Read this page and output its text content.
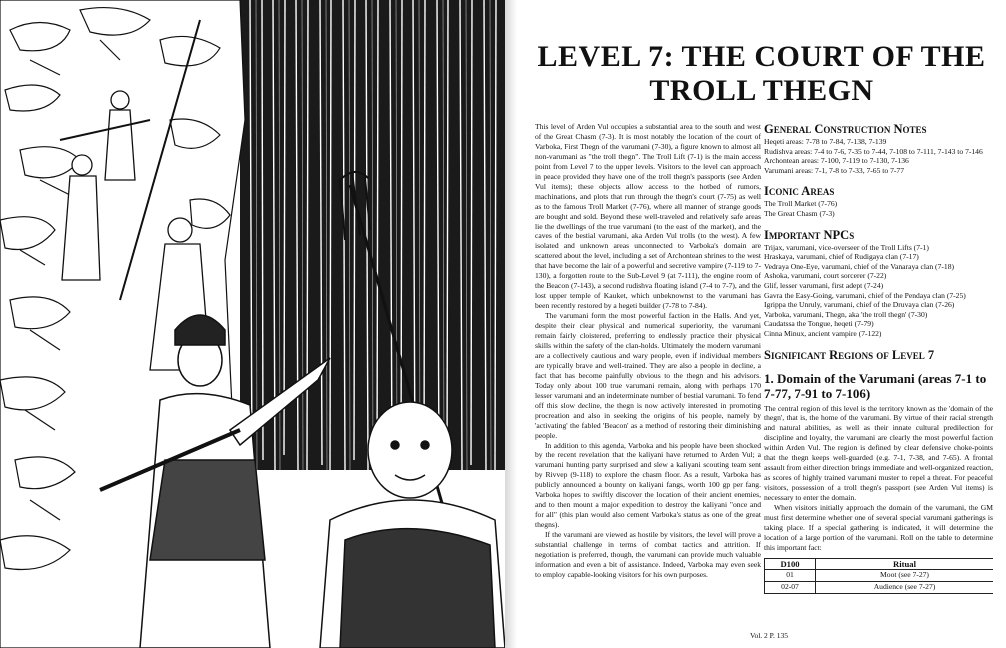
LEVEL 7: THE COURT OF THE
TROLL THEGN

This level of Arden Vul occupies a substantial area to the south and west of the Great Chasm (7-3). It is most notably the location of the court of Varboka, First Thegn of the varumani (7-30), a figure known to almost all non-varumani as "the troll thegn". The Troll Lift (7-1) is the main access point from Level 7 to the upper levels. Visitors to the level can approach in peace provided they have one of the troll thegn's passports (see Arden Vul items); these objects allow access to the hotbed of rumors, machinations, and plots that run through the thegn's court (7-75) as well as to the famous Troll Market (7-76), where all manner of strange goods are bought and sold. Beyond these well-traveled and relatively safe areas lie the dwellings of the true varumani (to the east of the market), and the caves of the bestial varumani, aka Arden Vul trolls (to the west). A few isolated and unknown areas unconnected to Varboka's domain are scattered about the level, including a set of Archontean shrines to the west that have become the lair of a powerful and secretive vampire (7-119 to 7-130), a forgotten route to the Sub-Level 9 (at 7-111), the engine room of the Beacon (7-143), a second rudishva floating island (7-4 to 7-7), and the lost upper temple of Kauket, which unbeknownst to the varumani has been recently restored by a hegeti builder (7-78 to 7-84).

The varumani form the most powerful faction in the Halls. And yet, despite their clear physical and numerical superiority, the varumani remain fairly cloistered, preferring to endlessly practice their physical skills within the safety of the clan-holds. Ultimately the modern varumani are a collectively cautious and wary people, even if individual members are typically brave and well-trained. They are also a people in decline, a fact that has become painfully obvious to the thegn and his advisors. Today only about 100 true varumani remain, along with perhaps 170 lesser varumani and an indeterminate number of bestial varumani. To fend off this slow decline, the thegn is now actively interested in promoting procreation and also in seeking the origins of his people, namely by 'activating' the fabled 'Beacon' as a method of restoring their diminishing people.

In addition to this agenda, Varboka and his people have been shocked by the recent revelation that the kaliyani have returned to Arden Vul; a varumani hunting party surprised and slew a kaliyani scouting team sent by Rivvep (9-118) to explore the chasm floor. As a result, Varboka has publicly announced a bounty on kaliyani fangs, worth 100 gp per fang. Varboka hopes to swiftly discover the location of their ancient enemies, and to then mount a major expedition to destroy the kaliyani "once and for all" (this plan would also cement Varboka's status as one of the great thegns).

If the varumani are viewed as hostile by visitors, the level will prove a substantial challenge in terms of combat tactics and attrition. If negotiation is preferred, though, the varumani can provide much valuable information and even a bit of assistance. Indeed, Varboka may even seek to employ capable-looking visitors for his own purposes.

General Construction Notes

Heqeti areas: 7-78 to 7-84, 7-138, 7-139

Rudishva areas: 7-4 to 7-6, 7-35 to 7-44, 7-108 to 7-111, 7-143 to 7-146

Archontean areas: 7-100, 7-119 to 7-130, 7-136

Varumani areas: 7-1, 7-8 to 7-33, 7-65 to 7-77

Iconic Areas

The Troll Market (7-76)

The Great Chasm (7-3)

Important NPCs

Trijax, varumani, vice-overseer of the Troll Lifts (7-1)

Hraskaya, varumani, chief of Rudigaya clan (7-17)

Vedraya One-Eye, varumani, chief of the Vanaraya clan (7-18)

Ashoka, varumani, court sorcerer (7-22)

Glif, lesser varumani, first adept (7-24)

Gavra the Easy-Going, varumani, chief of the Pendaya clan (7-25)

Igrippa the Unruly, varumani, chief of the Druvaya clan (7-26)

Varboka, varumani, Thegn, aka 'the troll thegn' (7-30)

Caudatssa the Tongue, heqeti (7-79)

Cinna Minux, ancient vampire (7-122)

Significant Regions of Level 7
1. Domain of the Varumani (areas 7-1 to 7-77, 7-91 to 7-106)

The central region of this level is the territory known as the 'domain of the thegn', that is, the home of the varumani. By virtue of their racial strength and natural abilities, as well as their innate cultural predilection for discipline and loyalty, the varumani are clearly the most powerful faction within Arden Vul. The region is defined by clear defensive choke-points that the thegn keeps well-guarded (e.g. 7-1, 7-38, and 7-65). A frontal assault from either direction brings immediate and well-organized reaction, as scores of highly trained varumani muster to repel a threat. For peaceful visitors, possession of a troll thegn's passport (see Arden Vul items) is necessary to enter the domain.

When visitors initially approach the domain of the varumani, the GM must first determine whether one of several special varumani gatherings is taking place. If a special gathering is indicated, it will determine the location of a large portion of the varumani. Roll on the table to determine this important fact:

D100	Ritual
01	Moot (see 7-27)
02-07	Audience (see 7-27)
Vol. 2 P. 135
